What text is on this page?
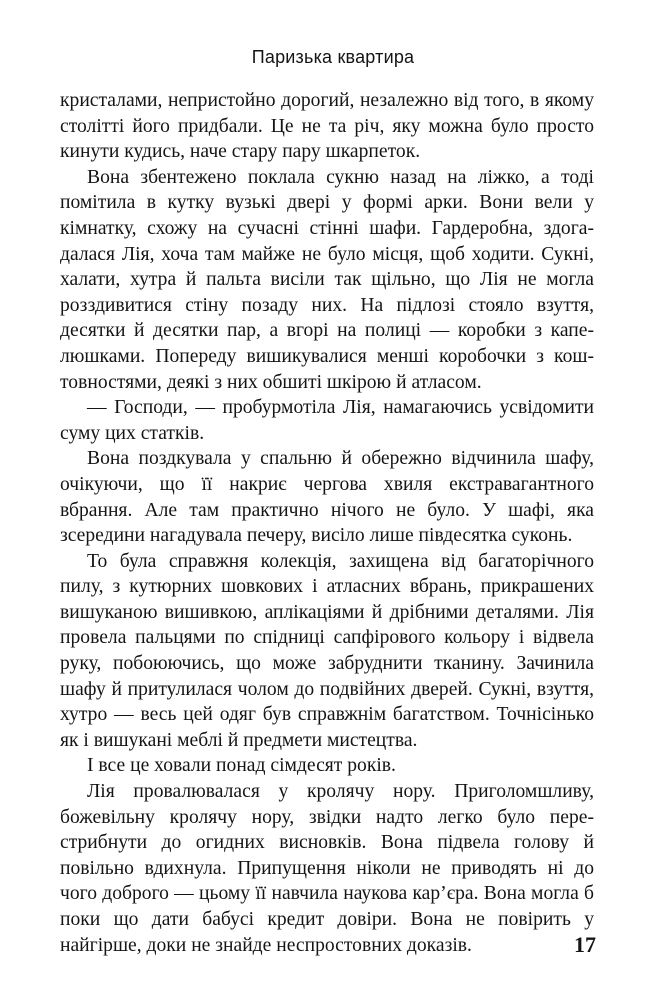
Паризька квартира

кристалами, непристойно дорогий, незалежно від того, в якому столітті його придбали. Це не та річ, яку можна було просто кинути кудись, наче стару пару шкарпеток.

Вона збентежено поклала сукню назад на ліжко, а тоді помітила в кутку вузькі двері у формі арки. Вони вели у кімнатку, схожу на сучасні стінні шафи. Гардеробна, здогадалася Лія, хоча там майже не було місця, щоб ходити. Сукні, халати, хутра й пальта висіли так щільно, що Лія не могла розздивитися стіну позаду них. На підлозі стояло взуття, десятки й десятки пар, а вгорі на полиці — коробки з капелюшками. Попереду вишикувалися менші коробочки з коштовностями, деякі з них обшиті шкірою й атласом.

— Господи, — пробурмотіла Лія, намагаючись усвідомити суму цих статків.

Вона поздкувала у спальню й обережно відчинила шафу, очікуючи, що її накриє чергова хвиля екстравагантного вбрання. Але там практично нічого не було. У шафі, яка зсередини нагадувала печеру, висіло лише півдесятка суконь.

То була справжня колекція, захищена від багаторічного пилу, з кутюрних шовкових і атласних вбрань, прикрашених вишуканою вишивкою, аплікаціями й дрібними деталями. Лія провела пальцями по спідниці сапфірового кольору і відвела руку, побоюючись, що може забруднити тканину. Зачинила шафу й притулилася чолом до подвійних дверей. Сукні, взуття, хутро — весь цей одяг був справжнім багатством. Точнісінько як і вишукані меблі й предмети мистецтва.

І все це ховали понад сімдесят років.

Лія провалювалася у кролячу нору. Приголомшливу, божевільну кролячу нору, звідки надто легко було перестрибнути до огидних висновків. Вона підвела голову й повільно вдихнула. Припущення ніколи не приводять ні до чого доброго — цьому її навчила наукова кар’єра. Вона могла б поки що дати бабусі кредит довіри. Вона не повірить у найгірше, доки не знайде неспростовних доказів.	17
